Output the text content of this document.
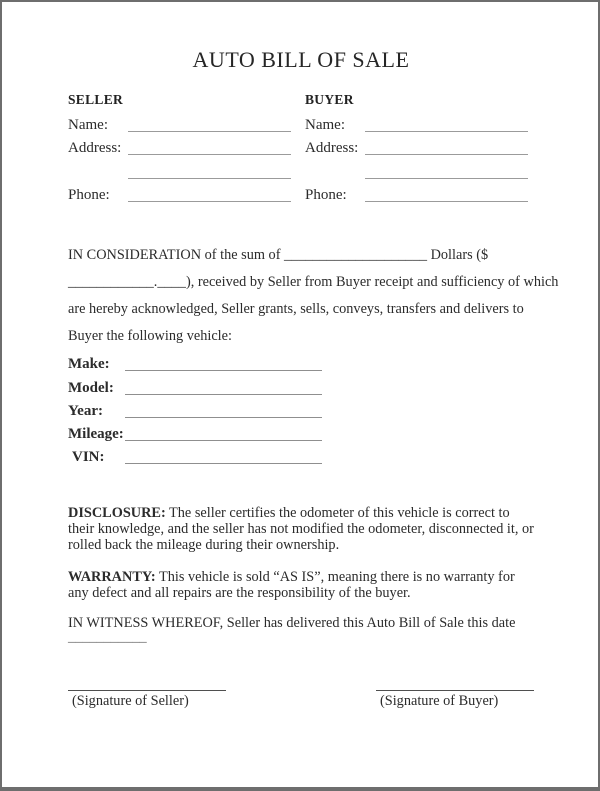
AUTO BILL OF SALE
SELLER
Name:
Address:
Phone:
BUYER
Name:
Address:
Phone:
IN CONSIDERATION of the sum of ____________________ Dollars ($
____________.____), received by Seller from Buyer receipt and sufficiency of which
are hereby acknowledged, Seller grants, sells, conveys, transfers and delivers to
Buyer the following vehicle:
Make:
Model:
Year:
Mileage:
VIN:

DISCLOSURE: The seller certifies the odometer of this vehicle is correct to their knowledge, and the seller has not modified the odometer, disconnected it, or rolled back the mileage during their ownership.

WARRANTY: This vehicle is sold “AS IS”, meaning there is no warranty for any defect and all repairs are the responsibility of the buyer.

IN WITNESS WHEREOF, Seller has delivered this Auto Bill of Sale this date
___________
(Signature of Seller)	(Signature of Buyer)
